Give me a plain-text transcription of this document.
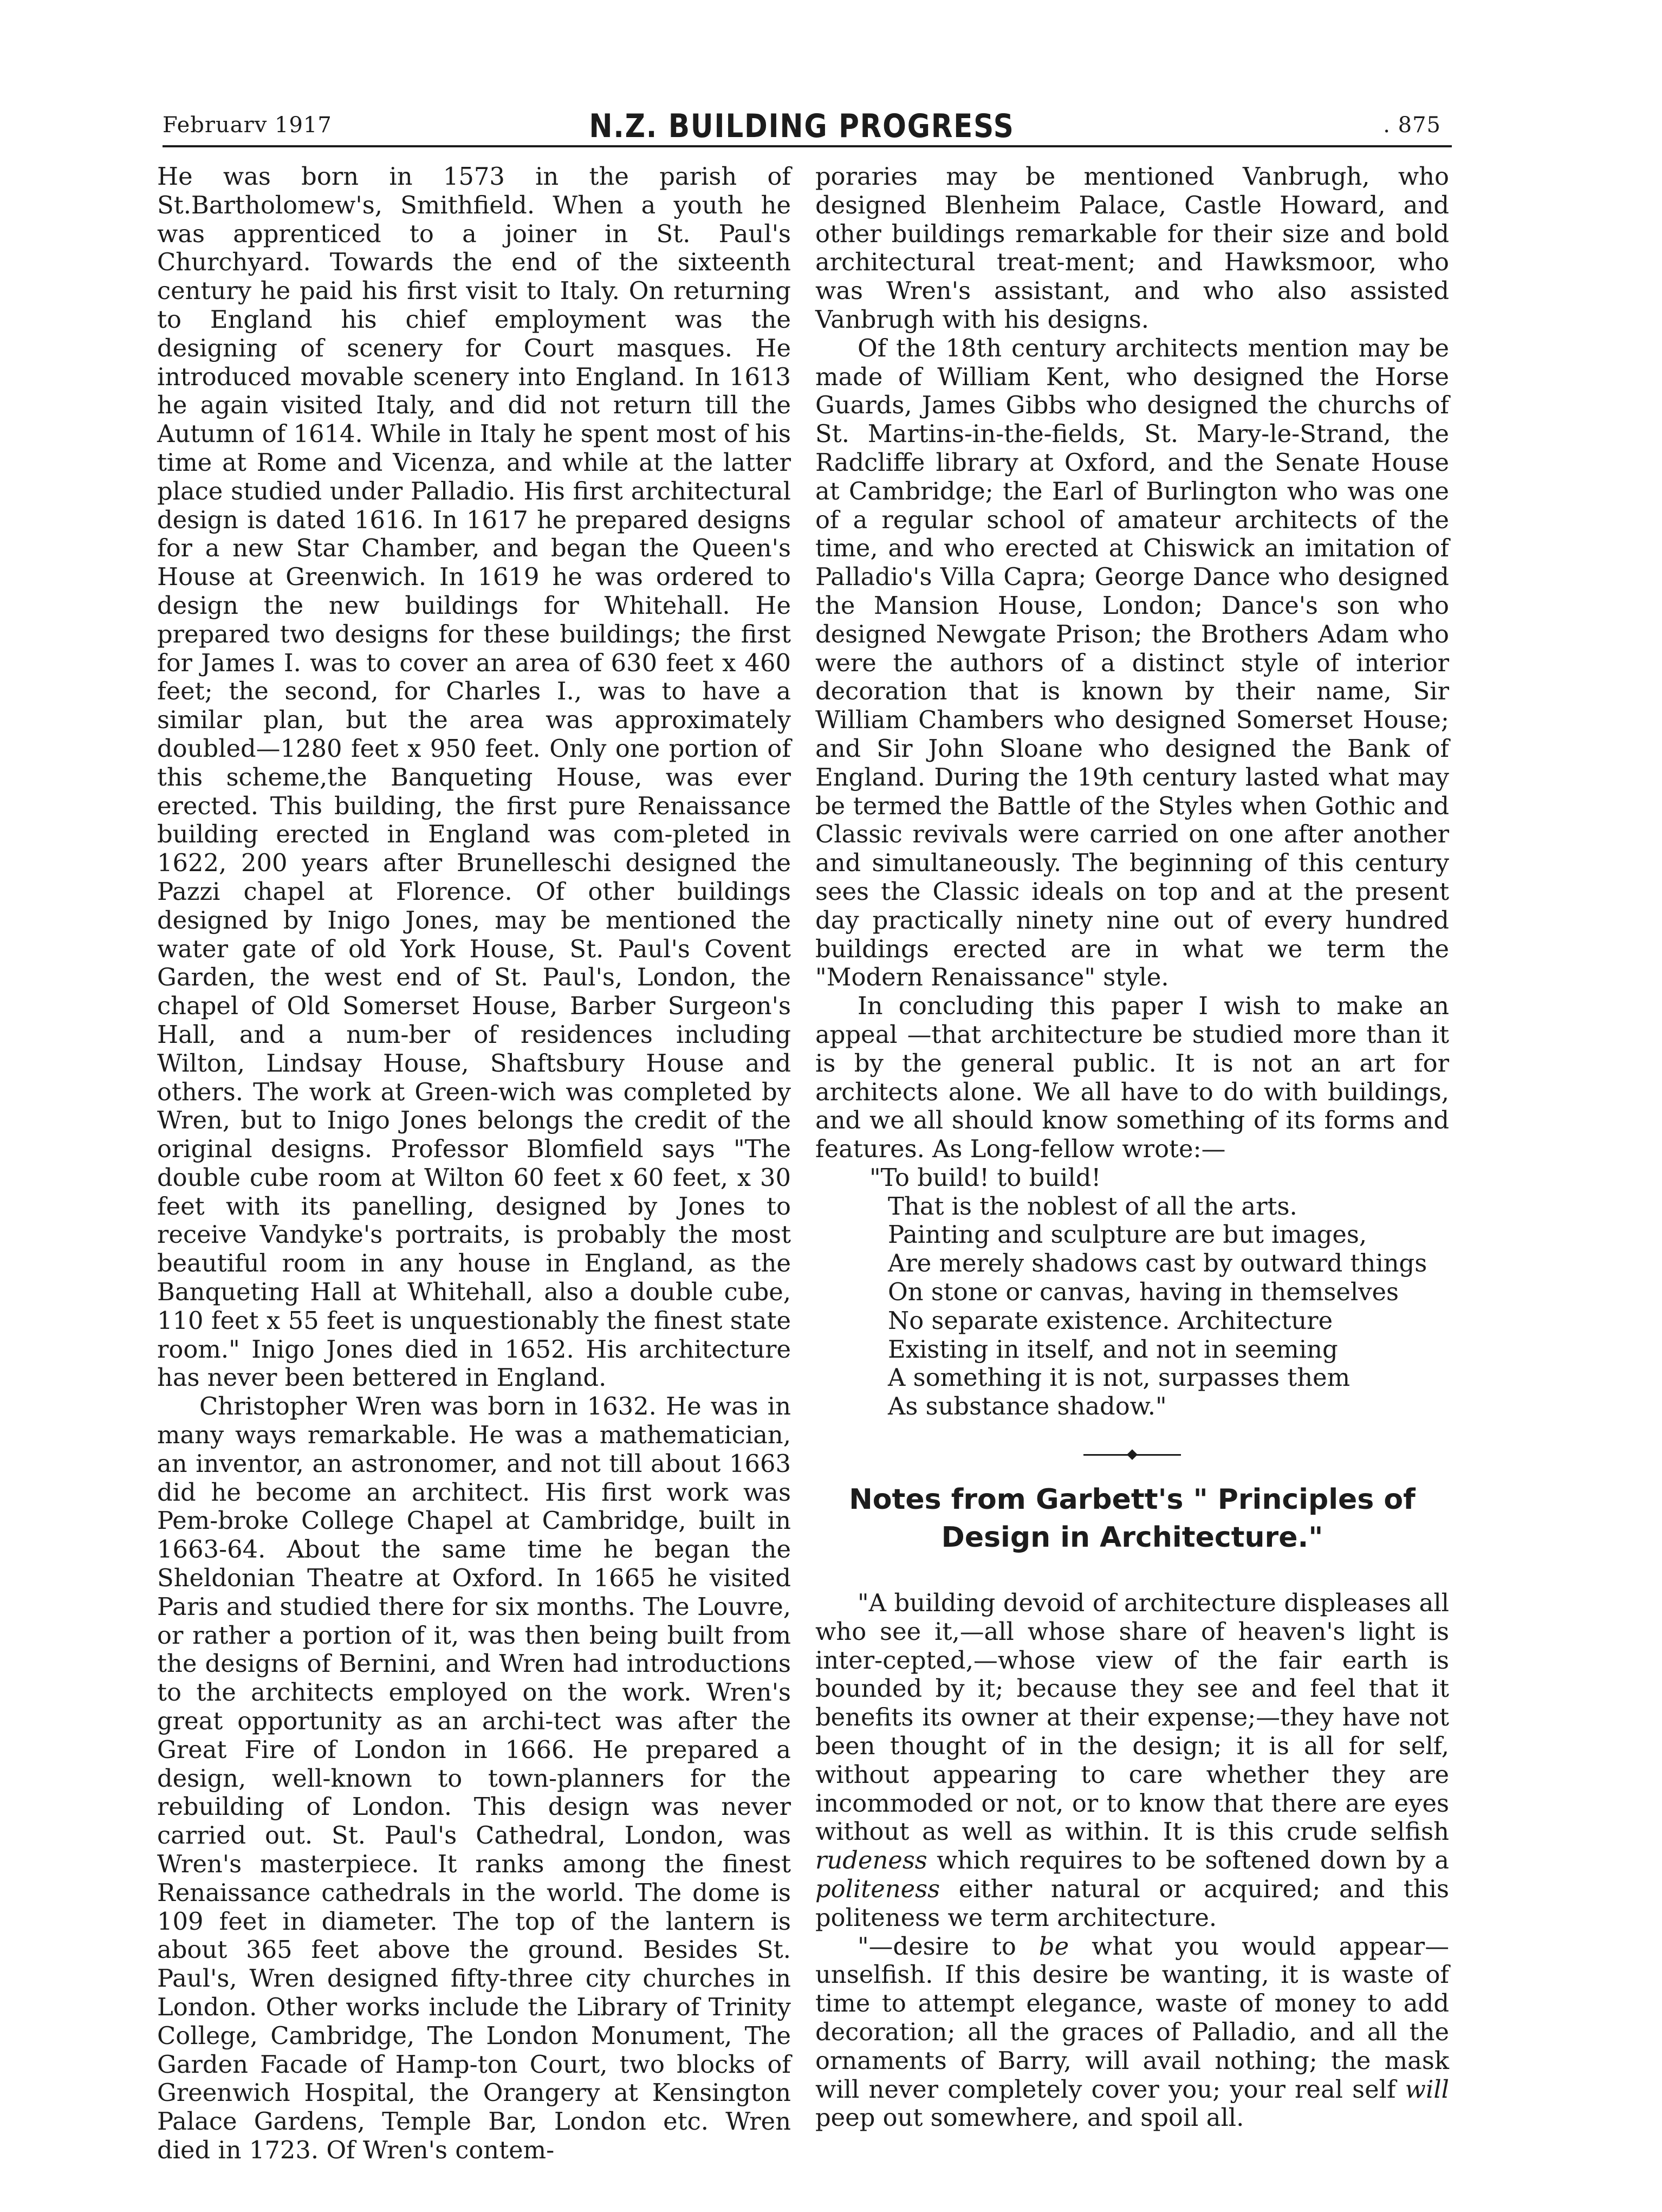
Februarv 1917	N.Z. BUILDING PROGRESS	. 875

He was born in 1573 in the parish of St.Bartholomew's, Smithfield. When a youth he was apprenticed to a joiner in St. Paul's Churchyard. Towards the end of the sixteenth century he paid his first visit to Italy. On returning to England his chief employment was the designing of scenery for Court masques. He introduced movable scenery into England. In 1613 he again visited Italy, and did not return till the Autumn of 1614. While in Italy he spent most of his time at Rome and Vicenza, and while at the latter place studied under Palladio. His first architectural design is dated 1616. In 1617 he prepared designs for a new Star Chamber, and began the Queen's House at Greenwich. In 1619 he was ordered to design the new buildings for Whitehall. He prepared two designs for these buildings; the first for James I. was to cover an area of 630 feet x 460 feet; the second, for Charles I., was to have a similar plan, but the area was approximately doubled—1280 feet x 950 feet. Only one portion of this scheme,the Banqueting House, was ever erected. This building, the first pure Renaissance building erected in England was com-pleted in 1622, 200 years after Brunelleschi designed the Pazzi chapel at Florence. Of other buildings designed by Inigo Jones, may be mentioned the water gate of old York House, St. Paul's Covent Garden, the west end of St. Paul's, London, the chapel of Old Somerset House, Barber Surgeon's Hall, and a num-ber of residences including Wilton, Lindsay House, Shaftsbury House and others. The work at Green-wich was completed by Wren, but to Inigo Jones belongs the credit of the original designs. Professor Blomfield says "The double cube room at Wilton 60 feet x 60 feet, x 30 feet with its panelling, designed by Jones to receive Vandyke's portraits, is probably the most beautiful room in any house in England, as the Banqueting Hall at Whitehall, also a double cube, 110 feet x 55 feet is unquestionably the finest state room." Inigo Jones died in 1652. His architecture has never been bettered in England.

Christopher Wren was born in 1632. He was in many ways remarkable. He was a mathematician, an inventor, an astronomer, and not till about 1663 did he become an architect. His first work was Pem-broke College Chapel at Cambridge, built in 1663-64. About the same time he began the Sheldonian Theatre at Oxford. In 1665 he visited Paris and studied there for six months. The Louvre, or rather a portion of it, was then being built from the designs of Bernini, and Wren had introductions to the architects employed on the work. Wren's great opportunity as an archi-tect was after the Great Fire of London in 1666. He prepared a design, well-known to town-planners for the rebuilding of London. This design was never carried out. St. Paul's Cathedral, London, was Wren's masterpiece. It ranks among the finest Renaissance cathedrals in the world. The dome is 109 feet in diameter. The top of the lantern is about 365 feet above the ground. Besides St. Paul's, Wren designed fifty-three city churches in London. Other works include the Library of Trinity College, Cambridge, The London Monument, The Garden Facade of Hamp-ton Court, two blocks of Greenwich Hospital, the Orangery at Kensington Palace Gardens, Temple Bar, London etc. Wren died in 1723. Of Wren's contem-

poraries may be mentioned Vanbrugh, who designed Blenheim Palace, Castle Howard, and other buildings remarkable for their size and bold architectural treat-ment; and Hawksmoor, who was Wren's assistant, and who also assisted Vanbrugh with his designs.

Of the 18th century architects mention may be made of William Kent, who designed the Horse Guards, James Gibbs who designed the churchs of St. Martins-in-the-fields, St. Mary-le-Strand, the Radcliffe library at Oxford, and the Senate House at Cambridge; the Earl of Burlington who was one of a regular school of amateur architects of the time, and who erected at Chiswick an imitation of Palladio's Villa Capra; George Dance who designed the Mansion House, London; Dance's son who designed Newgate Prison; the Brothers Adam who were the authors of a distinct style of interior decoration that is known by their name, Sir William Chambers who designed Somerset House; and Sir John Sloane who designed the Bank of England. During the 19th century lasted what may be termed the Battle of the Styles when Gothic and Classic revivals were carried on one after another and simultaneously. The beginning of this century sees the Classic ideals on top and at the present day practically ninety nine out of every hundred buildings erected are in what we term the "Modern Renaissance" style.

In concluding this paper I wish to make an appeal —that architecture be studied more than it is by the general public. It is not an art for architects alone. We all have to do with buildings, and we all should know something of its forms and features. As Long-fellow wrote:—

"To build! to build!
That is the noblest of all the arts.
Painting and sculpture are but images,
Are merely shadows cast by outward things
On stone or canvas, having in themselves
No separate existence. Architecture
Existing in itself, and not in seeming
A something it is not, surpasses them
As substance shadow."
Notes from Garbett's " Principles of
Design in Architecture."

"A building devoid of architecture displeases all who see it,—all whose share of heaven's light is inter-cepted,—whose view of the fair earth is bounded by it; because they see and feel that it benefits its owner at their expense;—they have not been thought of in the design; it is all for self, without appearing to care whether they are incommoded or not, or to know that there are eyes without as well as within. It is this crude selfish rudeness which requires to be softened down by a politeness either natural or acquired; and this politeness we term architecture.

"—desire to be what you would appear—unselfish. If this desire be wanting, it is waste of time to attempt elegance, waste of money to add decoration; all the graces of Palladio, and all the ornaments of Barry, will avail nothing; the mask will never completely cover you; your real self will peep out somewhere, and spoil all.
